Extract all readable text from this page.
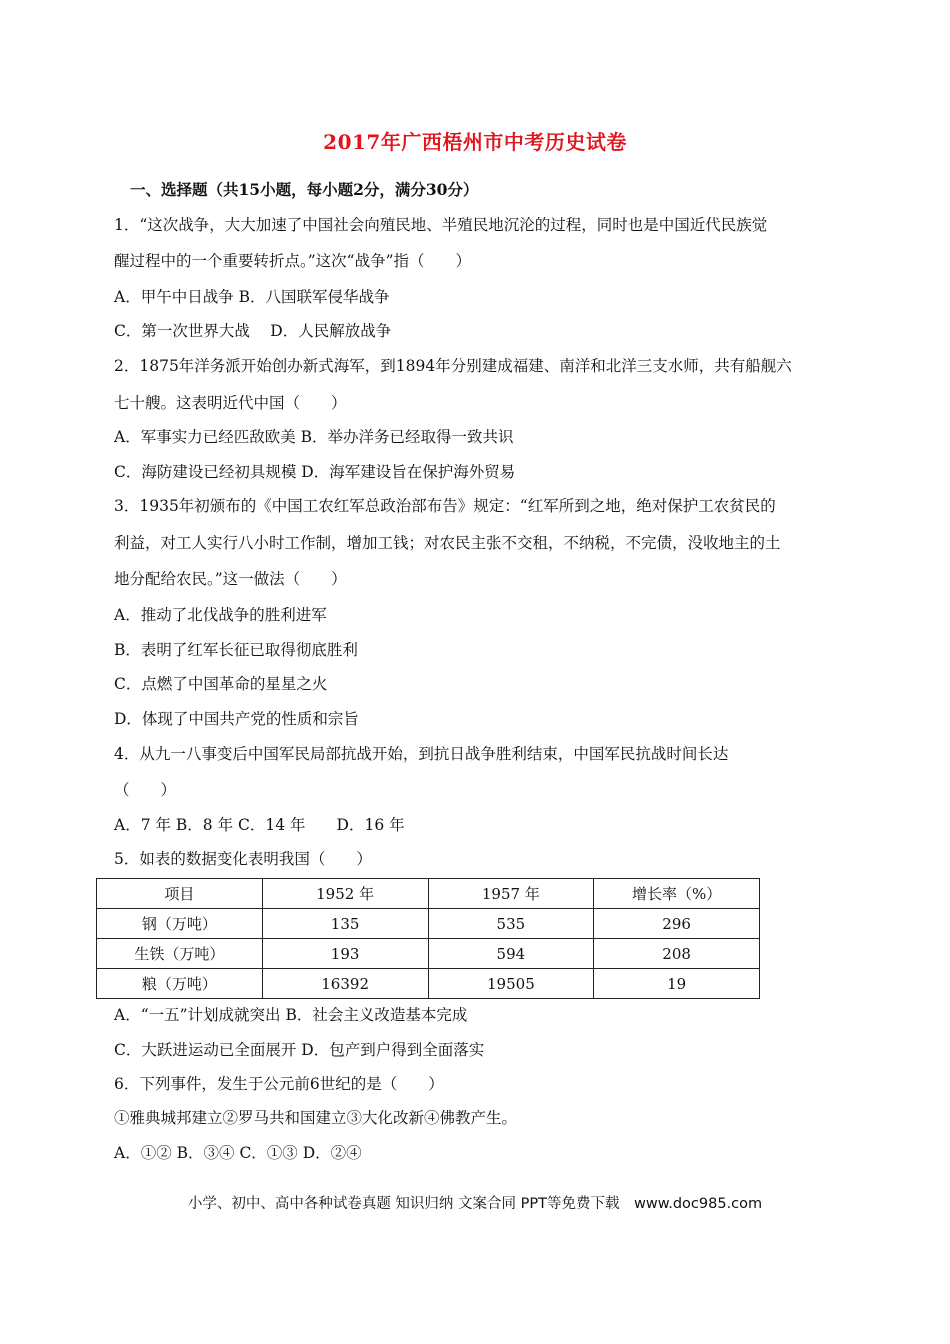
2017年广西梧州市中考历史试卷
一、选择题（共15小题，每小题2分，满分30分）
1．“这次战争，大大加速了中国社会向殖民地、半殖民地沉沦的过程，同时也是中国近代民族觉
醒过程中的一个重要转折点。”这次“战争”指（　　）
A．甲午中日战争 B．八国联军侵华战争
C．第一次世界大战　 D．人民解放战争
2．1875年洋务派开始创办新式海军，到1894年分别建成福建、南洋和北洋三支水师，共有船舰六
七十艘。这表明近代中国（　　）
A．军事实力已经匹敌欧美 B．举办洋务已经取得一致共识
C．海防建设已经初具规模 D．海军建设旨在保护海外贸易
3．1935年初颁布的《中国工农红军总政治部布告》规定：“红军所到之地，绝对保护工农贫民的
利益，对工人实行八小时工作制，增加工钱；对农民主张不交租，不纳税，不完债，没收地主的土
地分配给农民。”这一做法（　　）
A．推动了北伐战争的胜利进军
B．表明了红军长征已取得彻底胜利
C．点燃了中国革命的星星之火
D．体现了中国共产党的性质和宗旨
4．从九一八事变后中国军民局部抗战开始，到抗日战争胜利结束，中国军民抗战时间长达
（　　）
A．7 年 B．8 年 C．14 年　　D．16 年
5．如表的数据变化表明我国（　　）
项目	1952 年	1957 年	增长率（%）
钢（万吨）	135	535	296
生铁（万吨）	193	594	208
粮（万吨）	16392	19505	19
A．“一五”计划成就突出 B．社会主义改造基本完成
C．大跃进运动已全面展开 D．包产到户得到全面落实
6．下列事件，发生于公元前6世纪的是（　　）
①雅典城邦建立②罗马共和国建立③大化改新④佛教产生。
A．①② B．③④ C．①③ D．②④
小学、初中、高中各种试卷真题 知识归纳 文案合同 PPT等免费下载　www.doc985.com
